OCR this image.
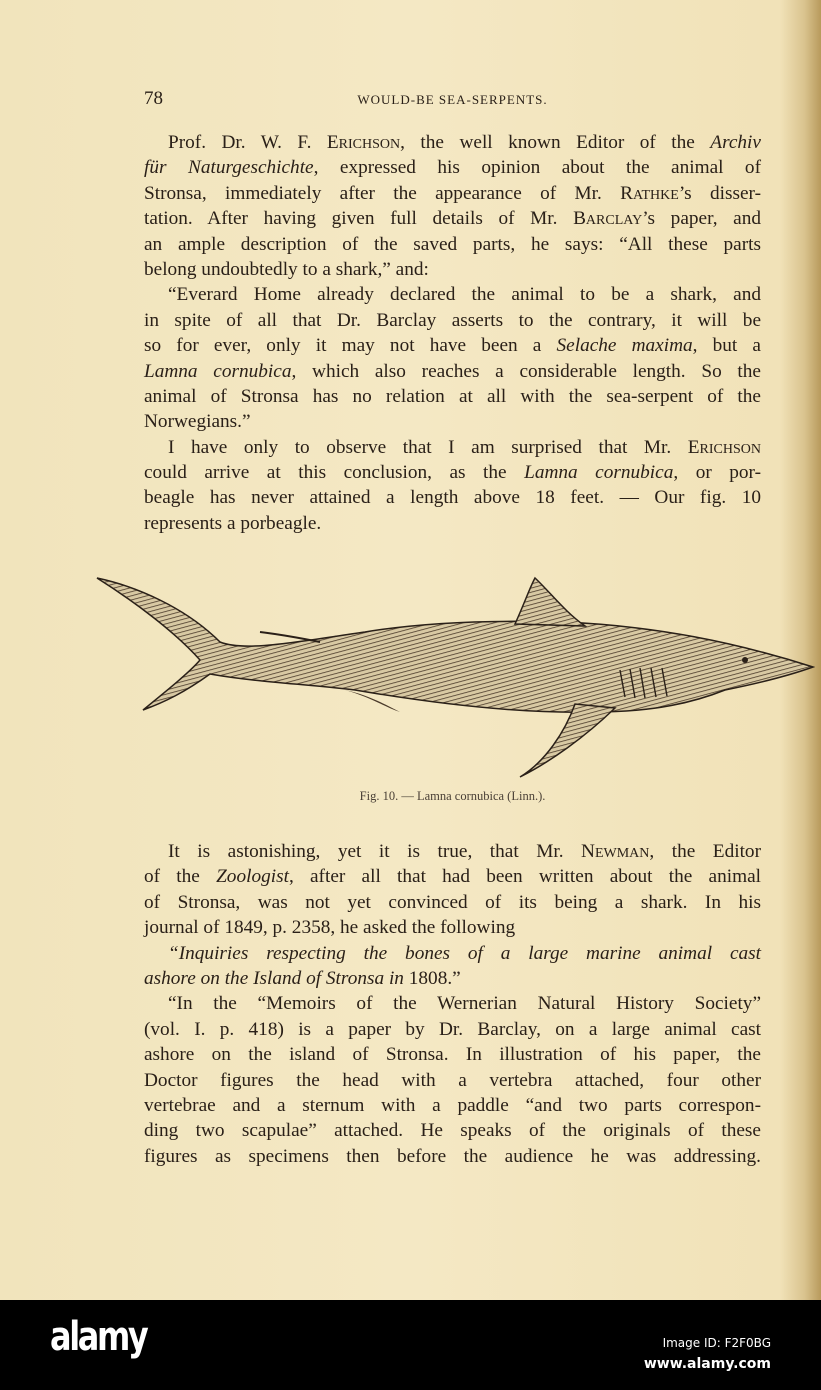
78	WOULD-BE SEA-SERPENTS.
Prof. Dr. W. F. Erichson, the well known Editor of the Archiv
für Naturgeschichte, expressed his opinion about the animal of
Stronsa, immediately after the appearance of Mr. Rathke’s disser-
tation. After having given full details of Mr. Barclay’s paper, and
an ample description of the saved parts, he says: “All these parts
belong undoubtedly to a shark,” and:
“Everard Home already declared the animal to be a shark, and
in spite of all that Dr. Barclay asserts to the contrary, it will be
so for ever, only it may not have been a Selache maxima, but a
Lamna cornubica, which also reaches a considerable length. So the
animal of Stronsa has no relation at all with the sea-serpent of the
Norwegians.”
I have only to observe that I am surprised that Mr. Erichson
could arrive at this conclusion, as the Lamna cornubica, or por-
beagle has never attained a length above 18 feet. — Our fig. 10
represents a porbeagle.
Fig. 10. — Lamna cornubica (Linn.).
It is astonishing, yet it is true, that Mr. Newman, the Editor
of the Zoologist, after all that had been written about the animal
of Stronsa, was not yet convinced of its being a shark. In his
journal of 1849, p. 2358, he asked the following
“Inquiries respecting the bones of a large marine animal cast
ashore on the Island of Stronsa in 1808.”
“In the “Memoirs of the Wernerian Natural History Society”
(vol. I. p. 418) is a paper by Dr. Barclay, on a large animal cast
ashore on the island of Stronsa. In illustration of his paper, the
Doctor figures the head with a vertebra attached, four other
vertebrae and a sternum with a paddle “and two parts correspon-
ding two scapulae” attached. He speaks of the originals of these
figures as specimens then before the audience he was addressing.
alamy	Image ID: F2F0BG
www.alamy.com
